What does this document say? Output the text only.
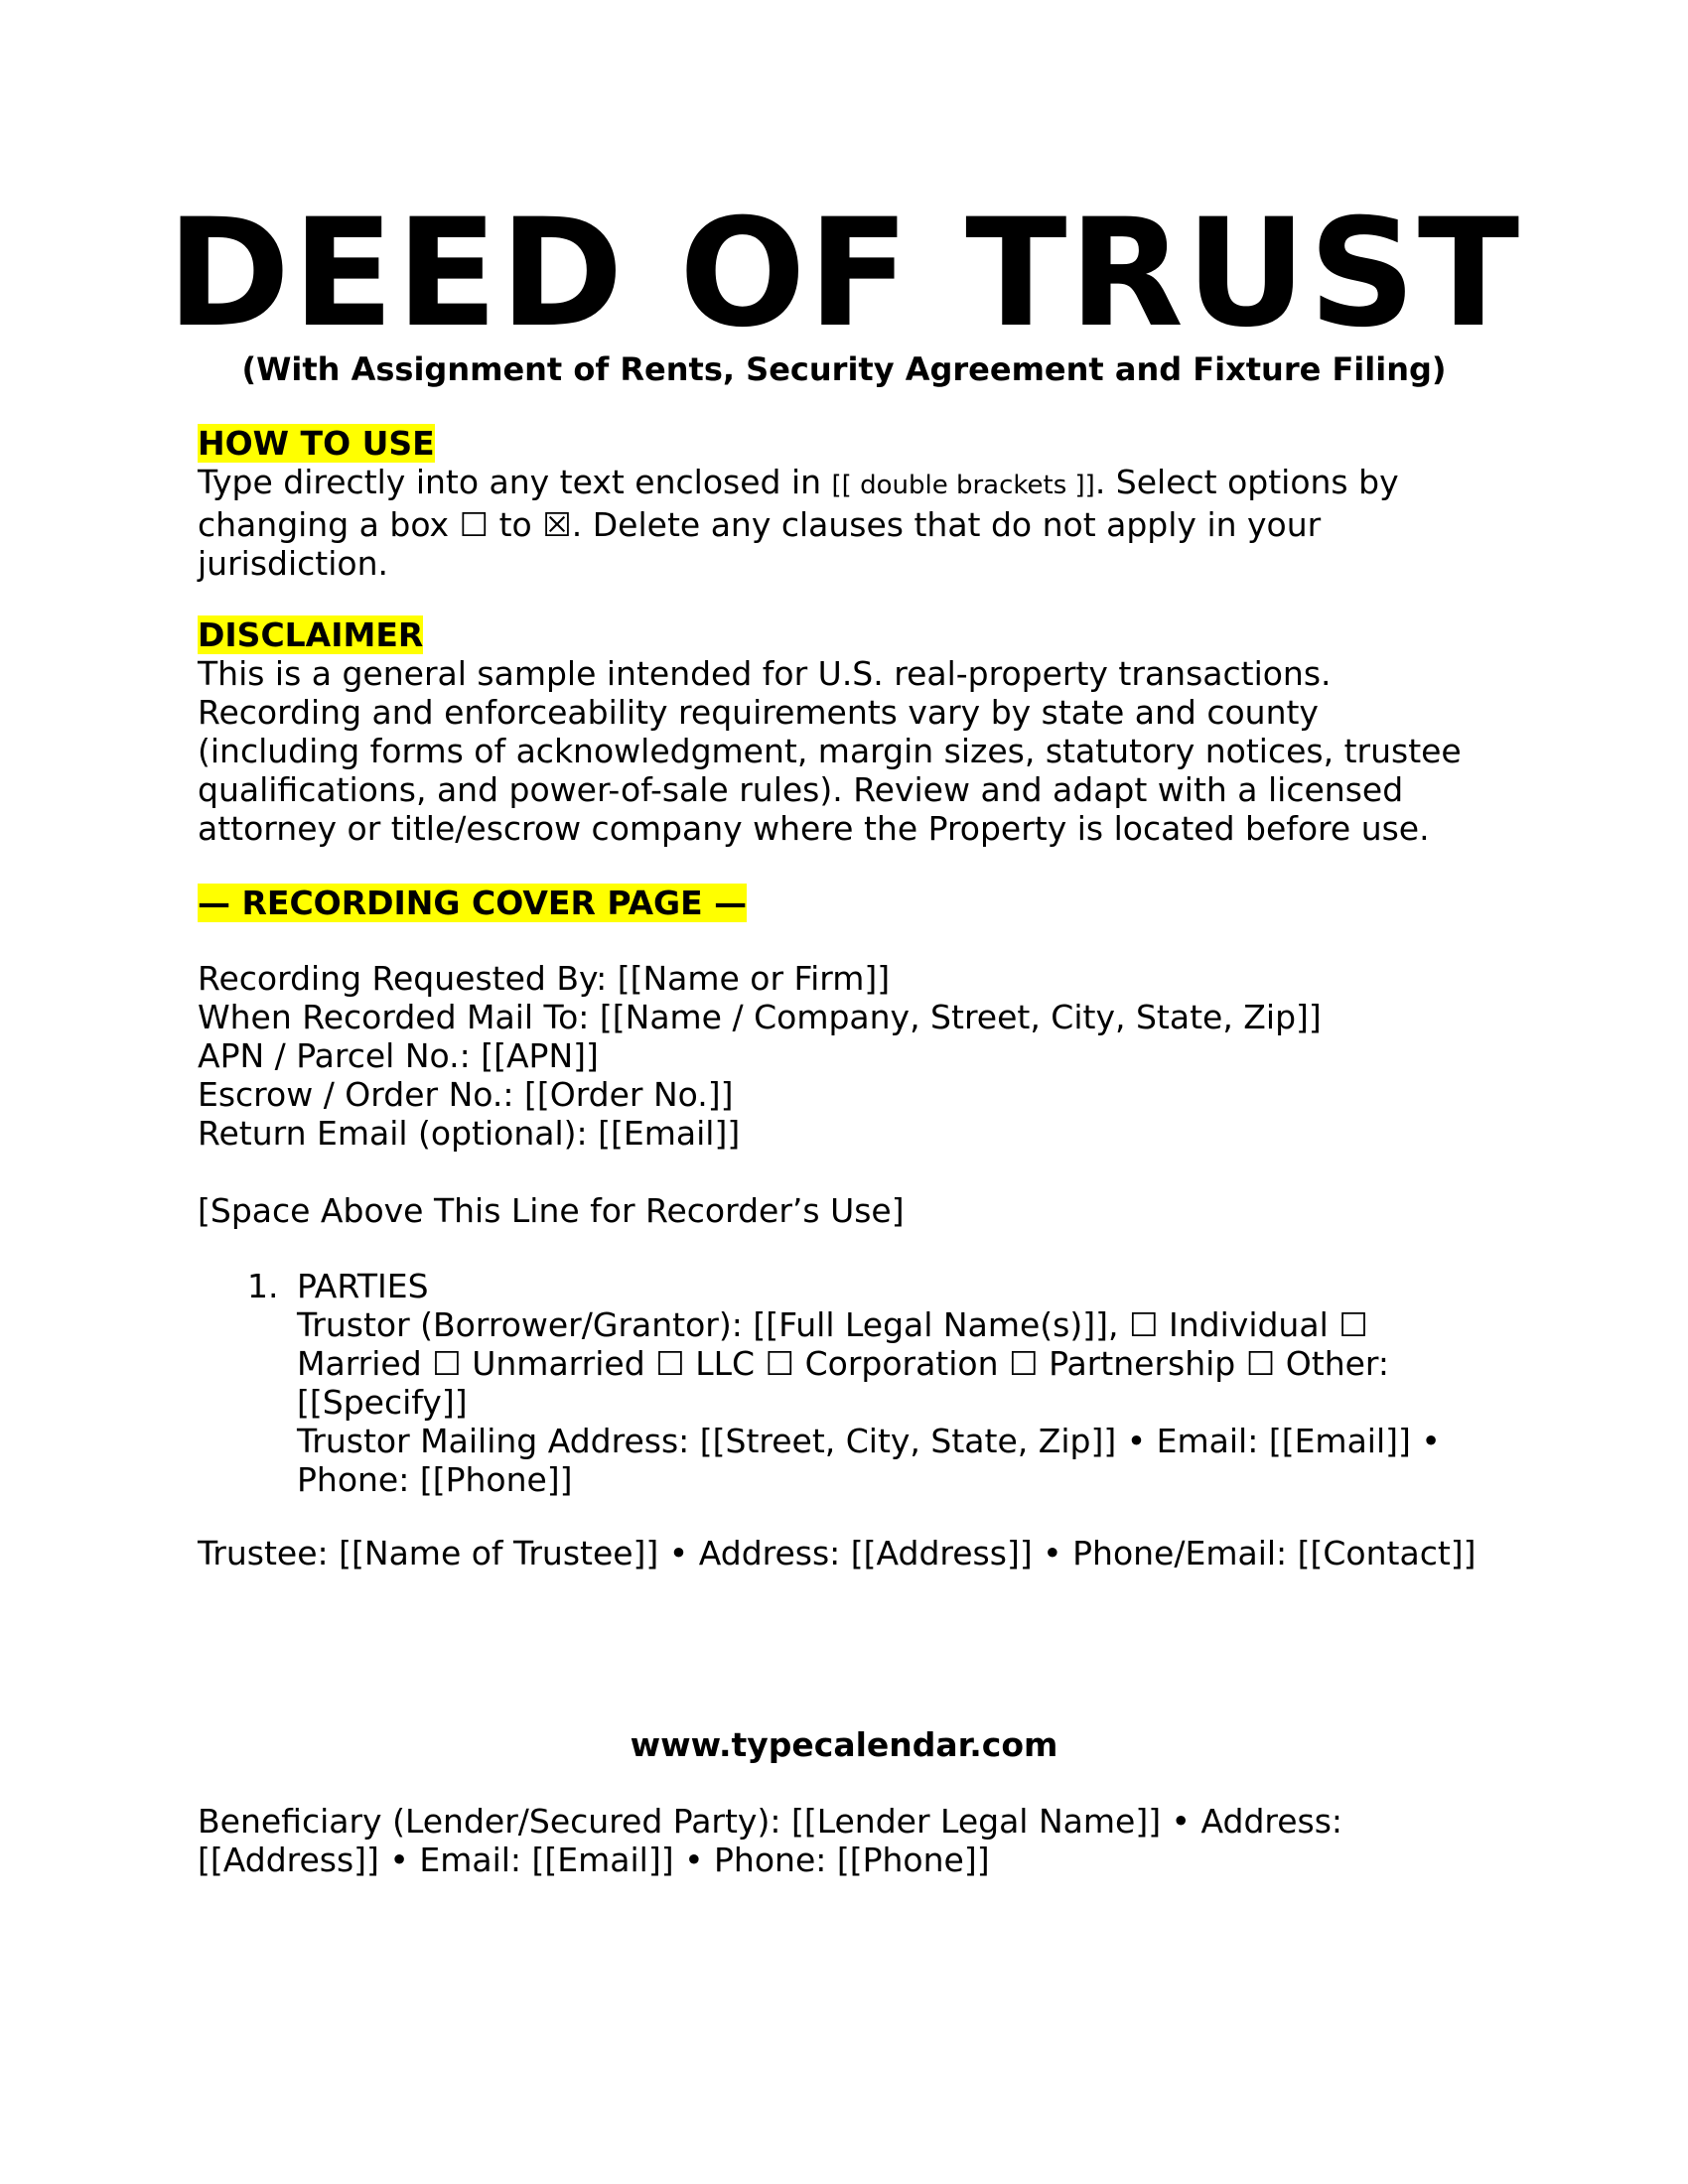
DEED OF TRUST
(With Assignment of Rents, Security Agreement and Fixture Filing)
HOW TO USE
Type directly into any text enclosed in [[ double brackets ]]. Select options by changing a box ☐ to ☒. Delete any clauses that do not apply in your jurisdiction.
DISCLAIMER
This is a general sample intended for U.S. real-property transactions. Recording and enforceability requirements vary by state and county (including forms of acknowledgment, margin sizes, statutory notices, trustee qualifications, and power-of-sale rules). Review and adapt with a licensed attorney or title/escrow company where the Property is located before use.
— RECORDING COVER PAGE —
Recording Requested By: [[Name or Firm]]
When Recorded Mail To: [[Name / Company, Street, City, State, Zip]]
APN / Parcel No.: [[APN]]
Escrow / Order No.: [[Order No.]]
Return Email (optional): [[Email]]
[Space Above This Line for Recorder’s Use]
1. PARTIES
Trustor (Borrower/Grantor): [[Full Legal Name(s)]], ☐ Individual ☐ Married ☐ Unmarried ☐ LLC ☐ Corporation ☐ Partnership ☐ Other: [[Specify]]
Trustor Mailing Address: [[Street, City, State, Zip]] • Email: [[Email]] • Phone: [[Phone]]
Trustee: [[Name of Trustee]] • Address: [[Address]] • Phone/Email: [[Contact]]
www.typecalendar.com
Beneficiary (Lender/Secured Party): [[Lender Legal Name]] • Address: [[Address]] • Email: [[Email]] • Phone: [[Phone]]
